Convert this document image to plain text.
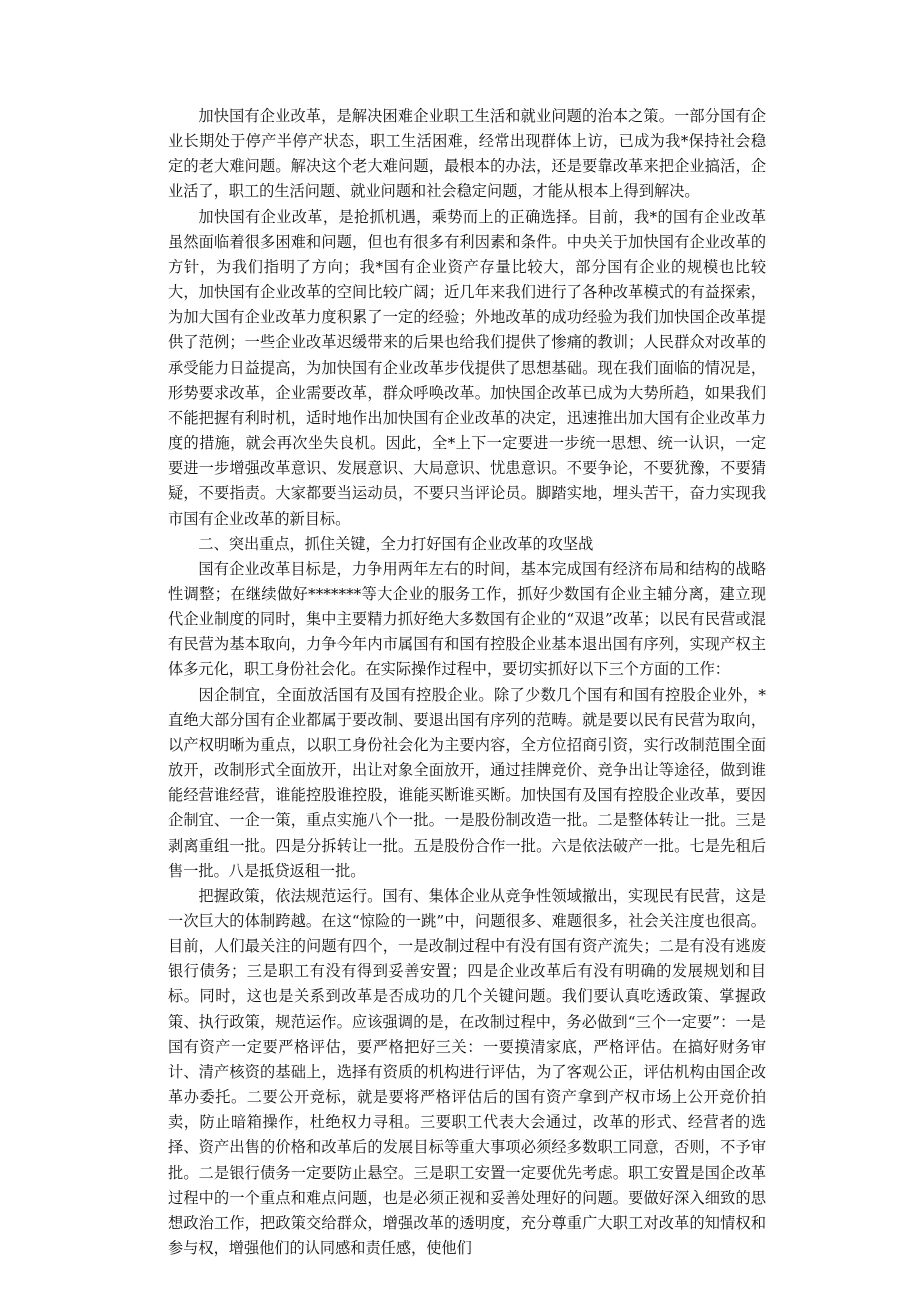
加快国有企业改革，是解决困难企业职工生活和就业问题的治本之策。一部分国有企业长期处于停产半停产状态，职工生活困难，经常出现群体上访，已成为我*保持社会稳定的老大难问题。解决这个老大难问题，最根本的办法，还是要靠改革来把企业搞活，企业活了，职工的生活问题、就业问题和社会稳定问题，才能从根本上得到解决。

加快国有企业改革，是抢抓机遇，乘势而上的正确选择。目前，我*的国有企业改革虽然面临着很多困难和问题，但也有很多有利因素和条件。中央关于加快国有企业改革的方针，为我们指明了方向；我*国有企业资产存量比较大，部分国有企业的规模也比较大，加快国有企业改革的空间比较广阔；近几年来我们进行了各种改革模式的有益探索，为加大国有企业改革力度积累了一定的经验；外地改革的成功经验为我们加快国企改革提供了范例；一些企业改革迟缓带来的后果也给我们提供了惨痛的教训；人民群众对改革的承受能力日益提高，为加快国有企业改革步伐提供了思想基础。现在我们面临的情况是，形势要求改革，企业需要改革，群众呼唤改革。加快国企改革已成为大势所趋，如果我们不能把握有利时机，适时地作出加快国有企业改革的决定，迅速推出加大国有企业改革力度的措施，就会再次坐失良机。因此，全*上下一定要进一步统一思想、统一认识，一定要进一步增强改革意识、发展意识、大局意识、忧患意识。不要争论，不要犹豫，不要猜疑，不要指责。大家都要当运动员，不要只当评论员。脚踏实地，埋头苦干，奋力实现我市国有企业改革的新目标。

二、突出重点，抓住关键，全力打好国有企业改革的攻坚战

国有企业改革目标是，力争用两年左右的时间，基本完成国有经济布局和结构的战略性调整；在继续做好*******等大企业的服务工作，抓好少数国有企业主辅分离，建立现代企业制度的同时，集中主要精力抓好绝大多数国有企业的“双退”改革；以民有民营或混有民营为基本取向，力争今年内市属国有和国有控股企业基本退出国有序列，实现产权主体多元化，职工身份社会化。在实际操作过程中，要切实抓好以下三个方面的工作：

因企制宜，全面放活国有及国有控股企业。除了少数几个国有和国有控股企业外，*直绝大部分国有企业都属于要改制、要退出国有序列的范畴。就是要以民有民营为取向，以产权明晰为重点，以职工身份社会化为主要内容，全方位招商引资，实行改制范围全面放开，改制形式全面放开，出让对象全面放开，通过挂牌竞价、竞争出让等途径，做到谁能经营谁经营，谁能控股谁控股，谁能买断谁买断。加快国有及国有控股企业改革，要因企制宜、一企一策，重点实施八个一批。一是股份制改造一批。二是整体转让一批。三是剥离重组一批。四是分拆转让一批。五是股份合作一批。六是依法破产一批。七是先租后售一批。八是抵贷返租一批。

把握政策，依法规范运行。国有、集体企业从竞争性领域撤出，实现民有民营，这是一次巨大的体制跨越。在这“惊险的一跳”中，问题很多、难题很多，社会关注度也很高。目前，人们最关注的问题有四个，一是改制过程中有没有国有资产流失；二是有没有逃废银行债务；三是职工有没有得到妥善安置；四是企业改革后有没有明确的发展规划和目标。同时，这也是关系到改革是否成功的几个关键问题。我们要认真吃透政策、掌握政策、执行政策，规范运作。应该强调的是，在改制过程中，务必做到“三个一定要”：一是国有资产一定要严格评估，要严格把好三关：一要摸清家底，严格评估。在搞好财务审计、清产核资的基础上，选择有资质的机构进行评估，为了客观公正，评估机构由国企改革办委托。二要公开竞标，就是要将严格评估后的国有资产拿到产权市场上公开竞价拍卖，防止暗箱操作，杜绝权力寻租。三要职工代表大会通过，改革的形式、经营者的选择、资产出售的价格和改革后的发展目标等重大事项必须经多数职工同意，否则，不予审批。二是银行债务一定要防止悬空。三是职工安置一定要优先考虑。职工安置是国企改革过程中的一个重点和难点问题，也是必须正视和妥善处理好的问题。要做好深入细致的思想政治工作，把政策交给群众，增强改革的透明度，充分尊重广大职工对改革的知情权和参与权，增强他们的认同感和责任感，使他们
